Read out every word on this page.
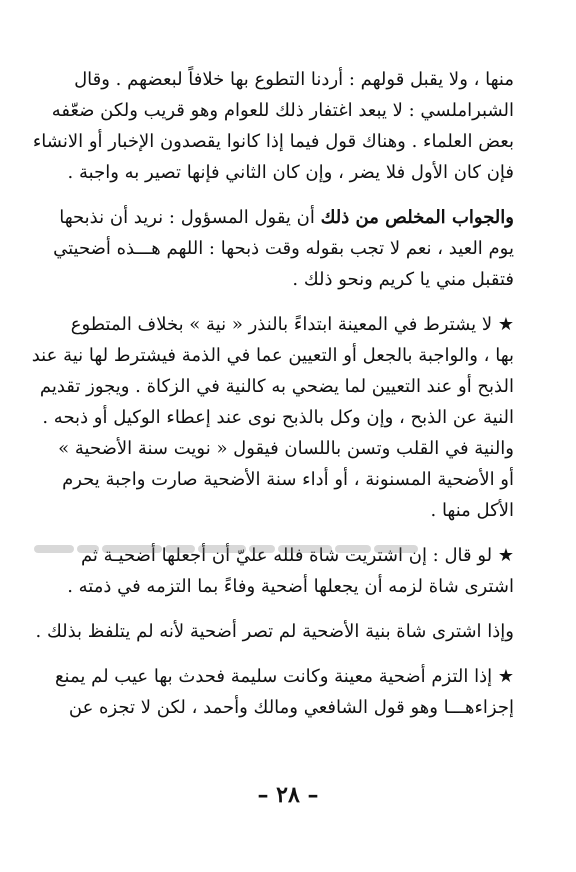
منها ، ولا يقبل قولهم : أردنا التطوع بها خلافاً لبعضهم . وقال
الشبراملسي : لا يبعد اغتفار ذلك للعوام وهو قريب ولكن ضعّفه
بعض العلماء . وهناك قول فيما إذا كانوا يقصدون الإخبار أو الانشاء
فإن كان الأول فلا يضر ، وإن كان الثاني فإنها تصير به واجبة .

والجواب المخلص من ذلك أن يقول المسؤول : نريد أن نذبحها
يوم العيد ، نعم لا تجب بقوله وقت ذبحها : اللهم هـــذه أضحيتي
فتقبل مني يا كريم ونحو ذلك .

★ لا يشترط في المعينة ابتداءً بالنذر « نية » بخلاف المتطوع
بها ، والواجبة بالجعل أو التعيين عما في الذمة فيشترط لها نية عند
الذبح أو عند التعيين لما يضحي به كالنية في الزكاة . ويجوز تقديم
النية عن الذبح ، وإن وكل بالذبح نوى عند إعطاء الوكيل أو ذبحه .

والنية في القلب وتسن باللسان فيقول « نويت سنة الأضحية »
أو الأضحية المسنونة ، أو أداء سنة الأضحية صارت واجبة يحرم
الأكل منها .

★ لو قال : إن اشتريت شاة فلله عليّ أن أجعلها أضحيـة ثم
اشترى شاة لزمه أن يجعلها أضحية وفاءً بما التزمه في ذمته .

وإذا اشترى شاة بنية الأضحية لم تصر أضحية لأنه لم يتلفظ بذلك .

★ إذا التزم أضحية معينة وكانت سليمة فحدث بها عيب لم يمنع
إجزاءهـــا وهو قول الشافعي ومالك وأحمد ، لكن لا تجزه عن

– ٢٨ –
